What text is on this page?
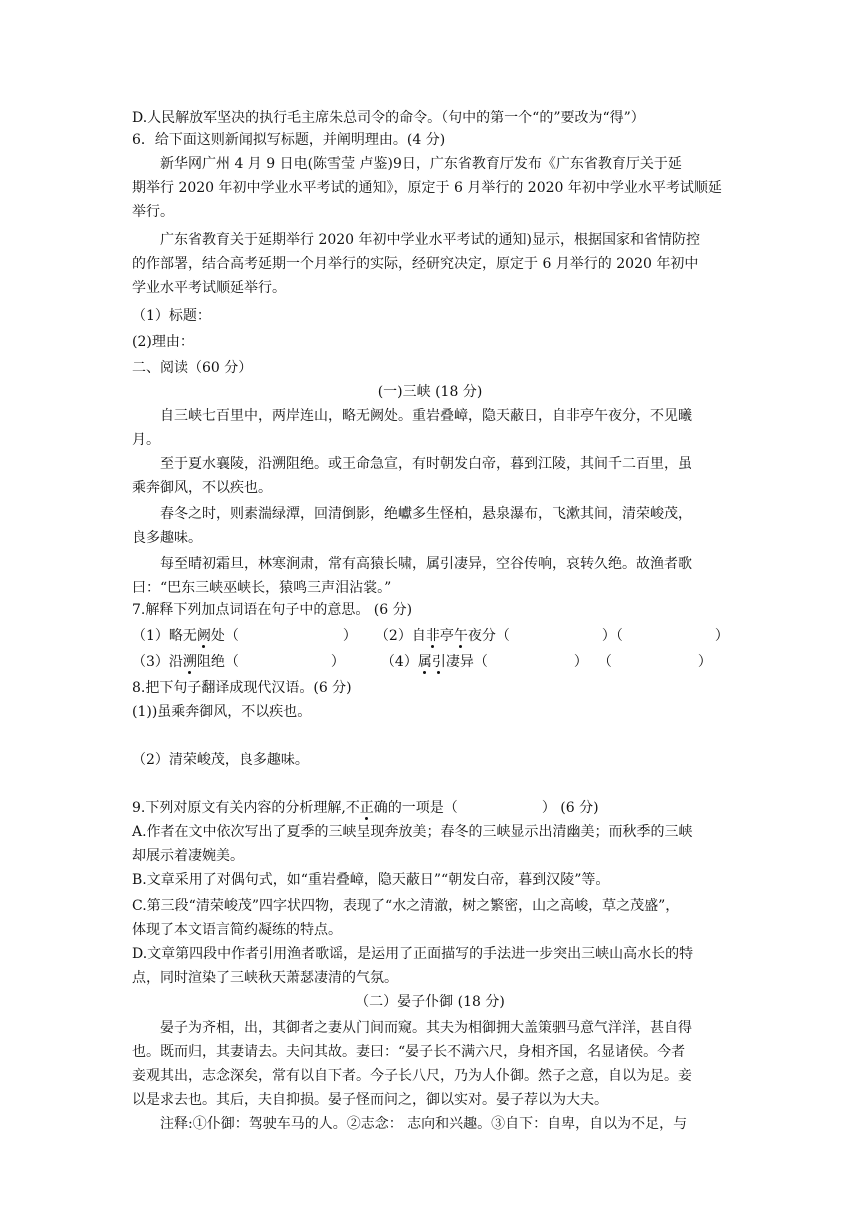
D.人民解放军坚决的执行毛主席朱总司令的命令。（句中的第一个“的”要改为“得”）
6．给下面这则新闻拟写标题，并阐明理由。(4 分)
新华网广州 4 月 9 日电(陈雪莹 卢鉴)9日，广东省教育厅发布《广东省教育厅关于延
期举行 2020 年初中学业水平考试的通知》，原定于 6 月举行的 2020 年初中学业水平考试顺延
举行。
广东省教育关于延期举行 2020 年初中学业水平考试的通知)显示，根据国家和省情防控
的作部署，结合高考延期一个月举行的实际，经研究决定，原定于 6 月举行的 2020 年初中
学业水平考试顺延举行。
（1）标题：
(2)理由：
二、阅读（60 分）
(一)三峡 (18 分)
自三峡七百里中，两岸连山，略无阙处。重岩叠嶂，隐天蔽日，自非亭午夜分，不见曦
月。
至于夏水襄陵，沿溯阻绝。或王命急宣，有时朝发白帝，暮到江陵，其间千二百里，虽
乘奔御风，不以疾也。
春冬之时，则素湍绿潭，回清倒影，绝巘多生怪柏，悬泉瀑布，飞漱其间，清荣峻茂，
良多趣味。
每至晴初霜旦，林寒涧肃，常有高猿长啸，属引凄异，空谷传响，哀转久绝。故渔者歌
曰：“巴东三峡巫峡长，猿鸣三声泪沾裳。”
7.解释下列加点词语在句子中的意思。 (6 分)
（1）略无阙处（	） （2）自非亭午夜分（	）（	）
（3）沿溯阻绝（	）	（4）属引凄异（	） （	）
8.把下句子翻译成现代汉语。(6 分)
(1))虽乘奔御风，不以疾也。
（2）清荣峻茂，良多趣味。
9.下列对原文有关内容的分析理解,不正确的一项是（	） (6 分)
A.作者在文中依次写出了夏季的三峡呈现奔放美；春冬的三峡显示出清幽美；而秋季的三峡
却展示着凄婉美。
B.文章采用了对偶句式，如“重岩叠嶂，隐天蔽日”“朝发白帝，暮到汉陵”等。
C.第三段“清荣峻茂”四字状四物，表现了“水之清澈，树之繁密，山之高峻，草之茂盛”，
体现了本文语言简约凝练的特点。
D.文章第四段中作者引用渔者歌谣，是运用了正面描写的手法进一步突出三峡山高水长的特
点，同时渲染了三峡秋天萧瑟凄清的气氛。
（二）晏子仆御 (18 分)
晏子为齐相，出，其御者之妻从门间而窥。其夫为相御拥大盖策驷马意气洋洋，甚自得
也。既而归，其妻请去。夫问其故。妻曰：“晏子长不满六尺，身相齐国，名显诸侯。今者
妾观其出，志念深矣，常有以自下者。今子长八尺，乃为人仆御。然子之意，自以为足。妾
以是求去也。其后，夫自抑损。晏子怪而问之，御以实对。晏子荐以为大夫。
注释:①仆御：驾驶车马的人。②志念： 志向和兴趣。③自下：自卑，自以为不足，与
